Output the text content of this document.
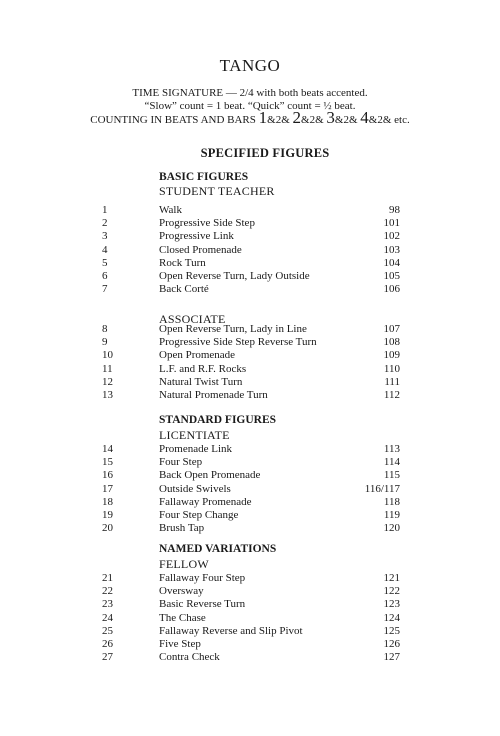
TANGO
TIME SIGNATURE — 2/4 with both beats accented.
“Slow” count = 1 beat. “Quick” count = ½ beat.
COUNTING IN BEATS AND BARS 1&2& 2&2& 3&2& 4&2& etc.
SPECIFIED FIGURES
BASIC FIGURES
STUDENT TEACHER
1	Walk	98
2	Progressive Side Step	101
3	Progressive Link	102
4	Closed Promenade	103
5	Rock Turn	104
6	Open Reverse Turn, Lady Outside	105
7	Back Corté	106
ASSOCIATE
8	Open Reverse Turn, Lady in Line	107
9	Progressive Side Step Reverse Turn	108
10	Open Promenade	109
11	L.F. and R.F. Rocks	110
12	Natural Twist Turn	111
13	Natural Promenade Turn	112
STANDARD FIGURES
LICENTIATE
14	Promenade Link	113
15	Four Step	114
16	Back Open Promenade	115
17	Outside Swivels	116/117
18	Fallaway Promenade	118
19	Four Step Change	119
20	Brush Tap	120
NAMED VARIATIONS
FELLOW
21	Fallaway Four Step	121
22	Oversway	122
23	Basic Reverse Turn	123
24	The Chase	124
25	Fallaway Reverse and Slip Pivot	125
26	Five Step	126
27	Contra Check	127
